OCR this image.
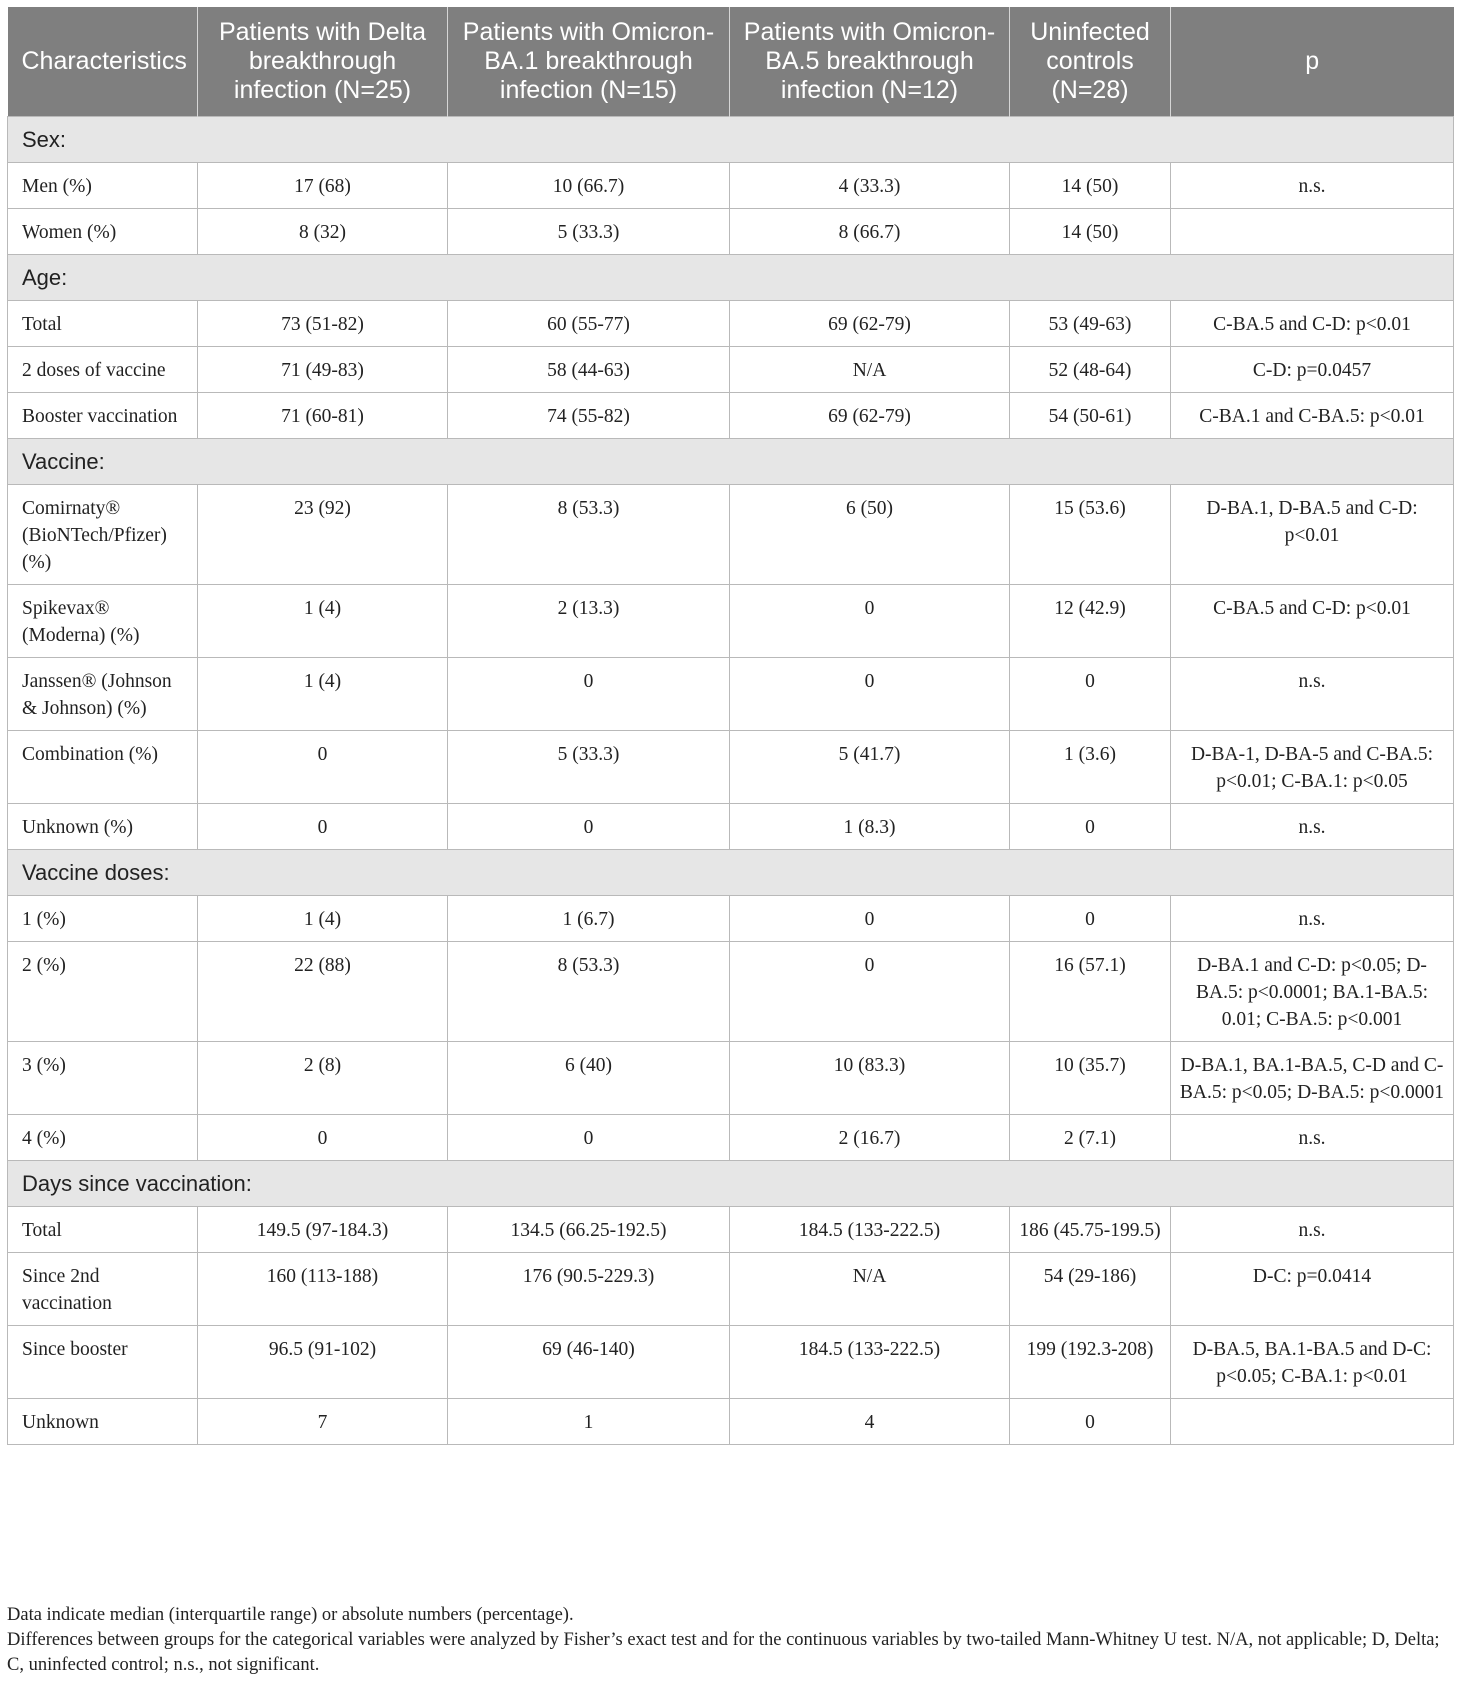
Characteristics	Patients with Delta breakthrough infection (N=25)	Patients with Omicron-BA.1 breakthrough infection (N=15)	Patients with Omicron-BA.5 breakthrough infection (N=12)	Uninfected controls (N=28)	p
Sex:					
Men (%)	17 (68)	10 (66.7)	4 (33.3)	14 (50)	n.s.
Women (%)	8 (32)	5 (33.3)	8 (66.7)	14 (50)	
Age:					
Total	73 (51-82)	60 (55-77)	69 (62-79)	53 (49-63)	C-BA.5 and C-D: p<0.01
2 doses of vaccine	71 (49-83)	58 (44-63)	N/A	52 (48-64)	C-D: p=0.0457
Booster vaccination	71 (60-81)	74 (55-82)	69 (62-79)	54 (50-61)	C-BA.1 and C-BA.5: p<0.01
Vaccine:					
Comirnaty® (BioNTech/Pfizer) (%)	23 (92)	8 (53.3)	6 (50)	15 (53.6)	D-BA.1, D-BA.5 and C-D: p<0.01
Spikevax® (Moderna) (%)	1 (4)	2 (13.3)	0	12 (42.9)	C-BA.5 and C-D: p<0.01
Janssen® (Johnson & Johnson) (%)	1 (4)	0	0	0	n.s.
Combination (%)	0	5 (33.3)	5 (41.7)	1 (3.6)	D-BA-1, D-BA-5 and C-BA.5: p<0.01; C-BA.1: p<0.05
Unknown (%)	0	0	1 (8.3)	0	n.s.
Vaccine doses:					
1 (%)	1 (4)	1 (6.7)	0	0	n.s.
2 (%)	22 (88)	8 (53.3)	0	16 (57.1)	D-BA.1 and C-D: p<0.05; D-BA.5: p<0.0001; BA.1-BA.5: 0.01; C-BA.5: p<0.001
3 (%)	2 (8)	6 (40)	10 (83.3)	10 (35.7)	D-BA.1, BA.1-BA.5, C-D and C-BA.5: p<0.05; D-BA.5: p<0.0001
4 (%)	0	0	2 (16.7)	2 (7.1)	n.s.
Days since vaccination:					
Total	149.5 (97-184.3)	134.5 (66.25-192.5)	184.5 (133-222.5)	186 (45.75-199.5)	n.s.
Since 2nd vaccination	160 (113-188)	176 (90.5-229.3)	N/A	54 (29-186)	D-C: p=0.0414
Since booster	96.5 (91-102)	69 (46-140)	184.5 (133-222.5)	199 (192.3-208)	D-BA.5, BA.1-BA.5 and D-C: p<0.05; C-BA.1: p<0.01
Unknown	7	1	4	0	
Data indicate median (interquartile range) or absolute numbers (percentage).
Differences between groups for the categorical variables were analyzed by Fisher’s exact test and for the continuous variables by two-tailed Mann-Whitney U test. N/A, not applicable; D, Delta; C, uninfected control; n.s., not significant.
